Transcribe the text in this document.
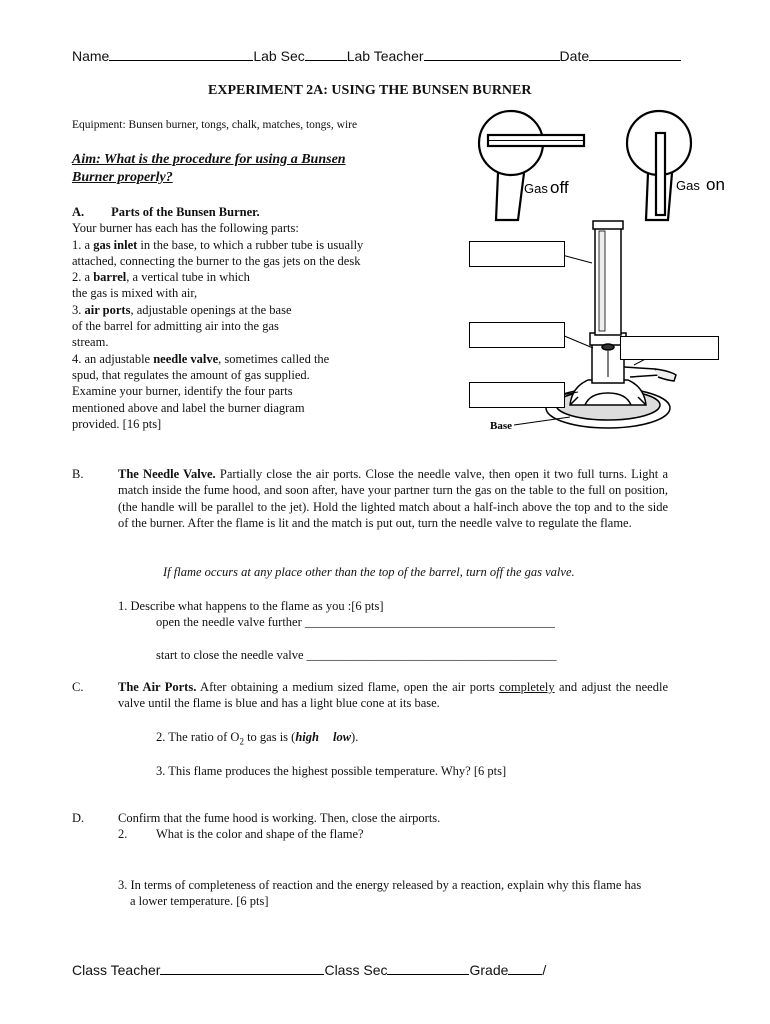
Name	Lab Sec	Lab Teacher	Date
EXPERIMENT 2A: USING THE BUNSEN BURNER
Equipment: Bunsen burner, tongs, chalk, matches, tongs, wire
Aim: What is the procedure for using a Bunsen
Burner properly?
A. Parts of the Bunsen Burner.
Your burner has each has the following parts:
1. a gas inlet in the base, to which a rubber tube is usually
attached, connecting the burner to the gas jets on the desk
2. a barrel, a vertical tube in which
the gas is mixed with air,
3. air ports, adjustable openings at the base
of the barrel for admitting air into the gas
stream.
4. an adjustable needle valve, sometimes called the
spud, that regulates the amount of gas supplied.
Examine your burner, identify the four parts
mentioned above and label the burner diagram
provided. [16 pts]
Gas off	Gas on
Base
B.	The Needle Valve. Partially close the air ports. Close the needle valve, then open it two full turns. Light a match inside the fume hood, and soon after, have your partner turn the gas on the table to the full on position, (the handle will be parallel to the jet). Hold the lighted match about a half-inch above the top and to the side of the burner. After the flame is lit and the match is put out, turn the needle valve to regulate the flame.
If flame occurs at any place other than the top of the barrel, turn off the gas valve.
1. Describe what happens to the flame as you :[6 pts]
open the needle valve further ________________________________________
start to close the needle valve ________________________________________
C.	The Air Ports. After obtaining a medium sized flame, open the air ports completely and adjust the needle valve until the flame is blue and has a light blue cone at its base.
2. The ratio of $O_2$ to gas is (high low).
3. This flame produces the highest possible temperature. Why? [6 pts]
D.	Confirm that the fume hood is working. Then, close the airports.
2. What is the color and shape of the flame?
3. In terms of completeness of reaction and the energy released by a reaction, explain why this flame has
a lower temperature. [6 pts]
Class Teacher	Class Sec	Grade /
